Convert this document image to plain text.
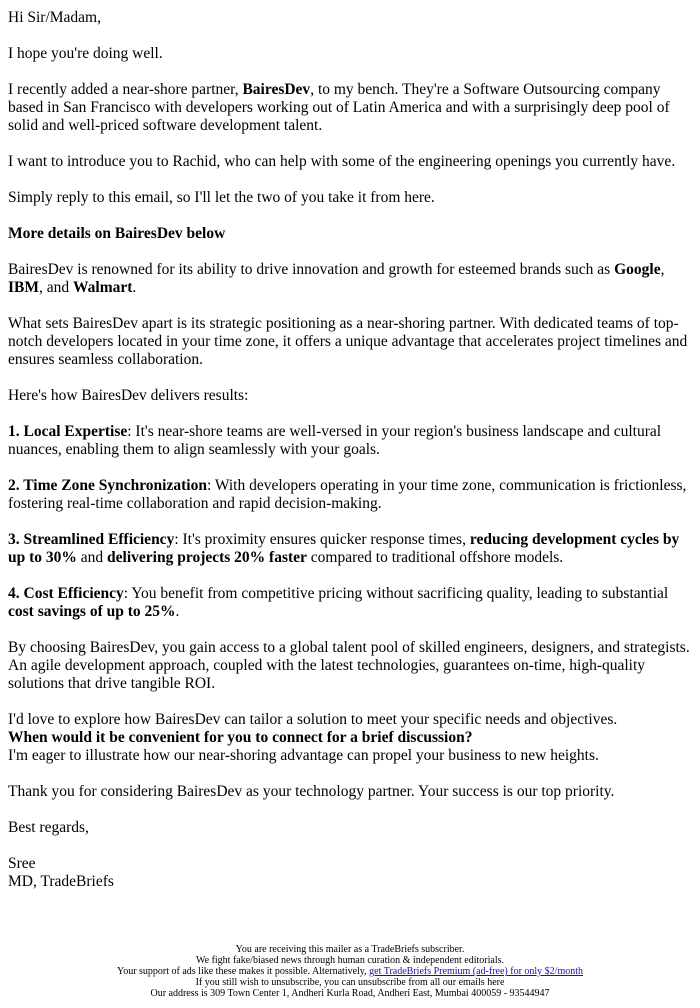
Hi Sir/Madam,

I hope you're doing well.

I recently added a near-shore partner, BairesDev, to my bench. They're a Software Outsourcing company based in San Francisco with developers working out of Latin America and with a surprisingly deep pool of solid and well-priced software development talent.

I want to introduce you to Rachid, who can help with some of the engineering openings you currently have.

Simply reply to this email, so I'll let the two of you take it from here.

More details on BairesDev below

BairesDev is renowned for its ability to drive innovation and growth for esteemed brands such as Google, IBM, and Walmart.

What sets BairesDev apart is its strategic positioning as a near-shoring partner. With dedicated teams of top-notch developers located in your time zone, it offers a unique advantage that accelerates project timelines and ensures seamless collaboration.

Here's how BairesDev delivers results:

1. Local Expertise: It's near-shore teams are well-versed in your region's business landscape and cultural nuances, enabling them to align seamlessly with your goals.

2. Time Zone Synchronization: With developers operating in your time zone, communication is frictionless, fostering real-time collaboration and rapid decision-making.

3. Streamlined Efficiency: It's proximity ensures quicker response times, reducing development cycles by up to 30% and delivering projects 20% faster compared to traditional offshore models.

4. Cost Efficiency: You benefit from competitive pricing without sacrificing quality, leading to substantial cost savings of up to 25%.

By choosing BairesDev, you gain access to a global talent pool of skilled engineers, designers, and strategists. An agile development approach, coupled with the latest technologies, guarantees on-time, high-quality solutions that drive tangible ROI.

I'd love to explore how BairesDev can tailor a solution to meet your specific needs and objectives.
When would it be convenient for you to connect for a brief discussion?
I'm eager to illustrate how our near-shoring advantage can propel your business to new heights.

Thank you for considering BairesDev as your technology partner. Your success is our top priority.

Best regards,

Sree
MD, TradeBriefs

You are receiving this mailer as a TradeBriefs subscriber.
We fight fake/biased news through human curation & independent editorials.
Your support of ads like these makes it possible. Alternatively, get TradeBriefs Premium (ad-free) for only $2/month
If you still wish to unsubscribe, you can unsubscribe from all our emails here
Our address is 309 Town Center 1, Andheri Kurla Road, Andheri East, Mumbai 400059 - 93544947
